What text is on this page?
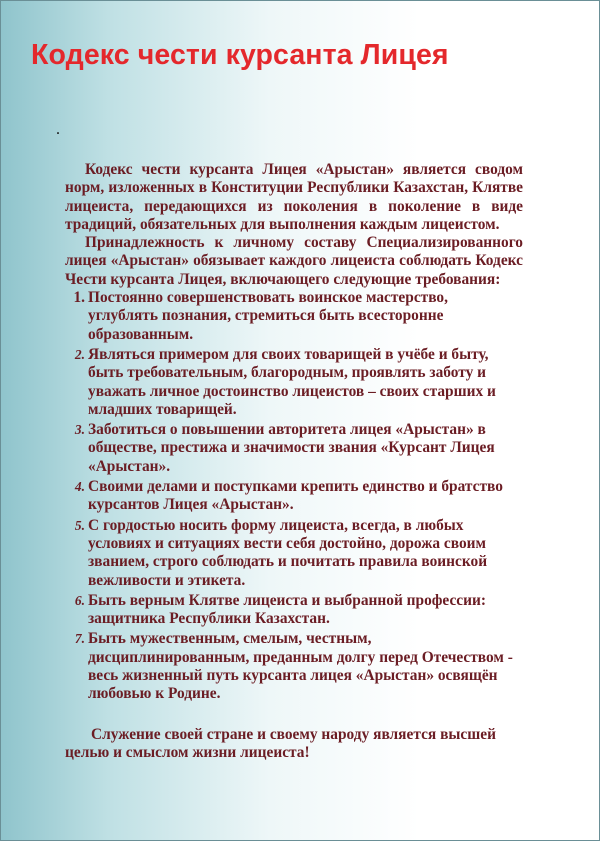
Кодекс чести курсанта Лицея
.

Кодекс чести курсанта Лицея «Арыстан» является сводом норм, изложенных в Конституции Республики Казахстан, Клятве лицеиста, передающихся из поколения в поколение в виде традиций, обязательных для выполнения каждым лицеистом.

Принадлежность к личному составу Специализированного лицея «Арыстан» обязывает каждого лицеиста соблюдать Кодекс Чести курсанта Лицея, включающего следующие требования:

1. Постоянно совершенствовать воинское мастерство, углублять познания, стремиться быть всесторонне образованным.
2. Являться примером для своих товарищей в учёбе и быту, быть требовательным, благородным, проявлять заботу и уважать личное достоинство лицеистов – своих старших и младших товарищей.
3. Заботиться о повышении авторитета лицея «Арыстан» в обществе, престижа и значимости звания «Курсант Лицея «Арыстан».
4. Своими делами и поступками крепить единство и братство курсантов Лицея «Арыстан».
5. С гордостью носить форму лицеиста, всегда, в любых условиях и ситуациях вести себя достойно, дорожа своим званием, строго соблюдать и почитать правила воинской вежливости и этикета.
6. Быть верным Клятве лицеиста и выбранной профессии: защитника Республики Казахстан.
7. Быть мужественным, смелым, честным, дисциплинированным, преданным долгу перед Отечеством - весь жизненный путь курсанта лицея «Арыстан» освящён любовью к Родине.

Служение своей стране и своему народу является высшей целью и смыслом жизни лицеиста!
